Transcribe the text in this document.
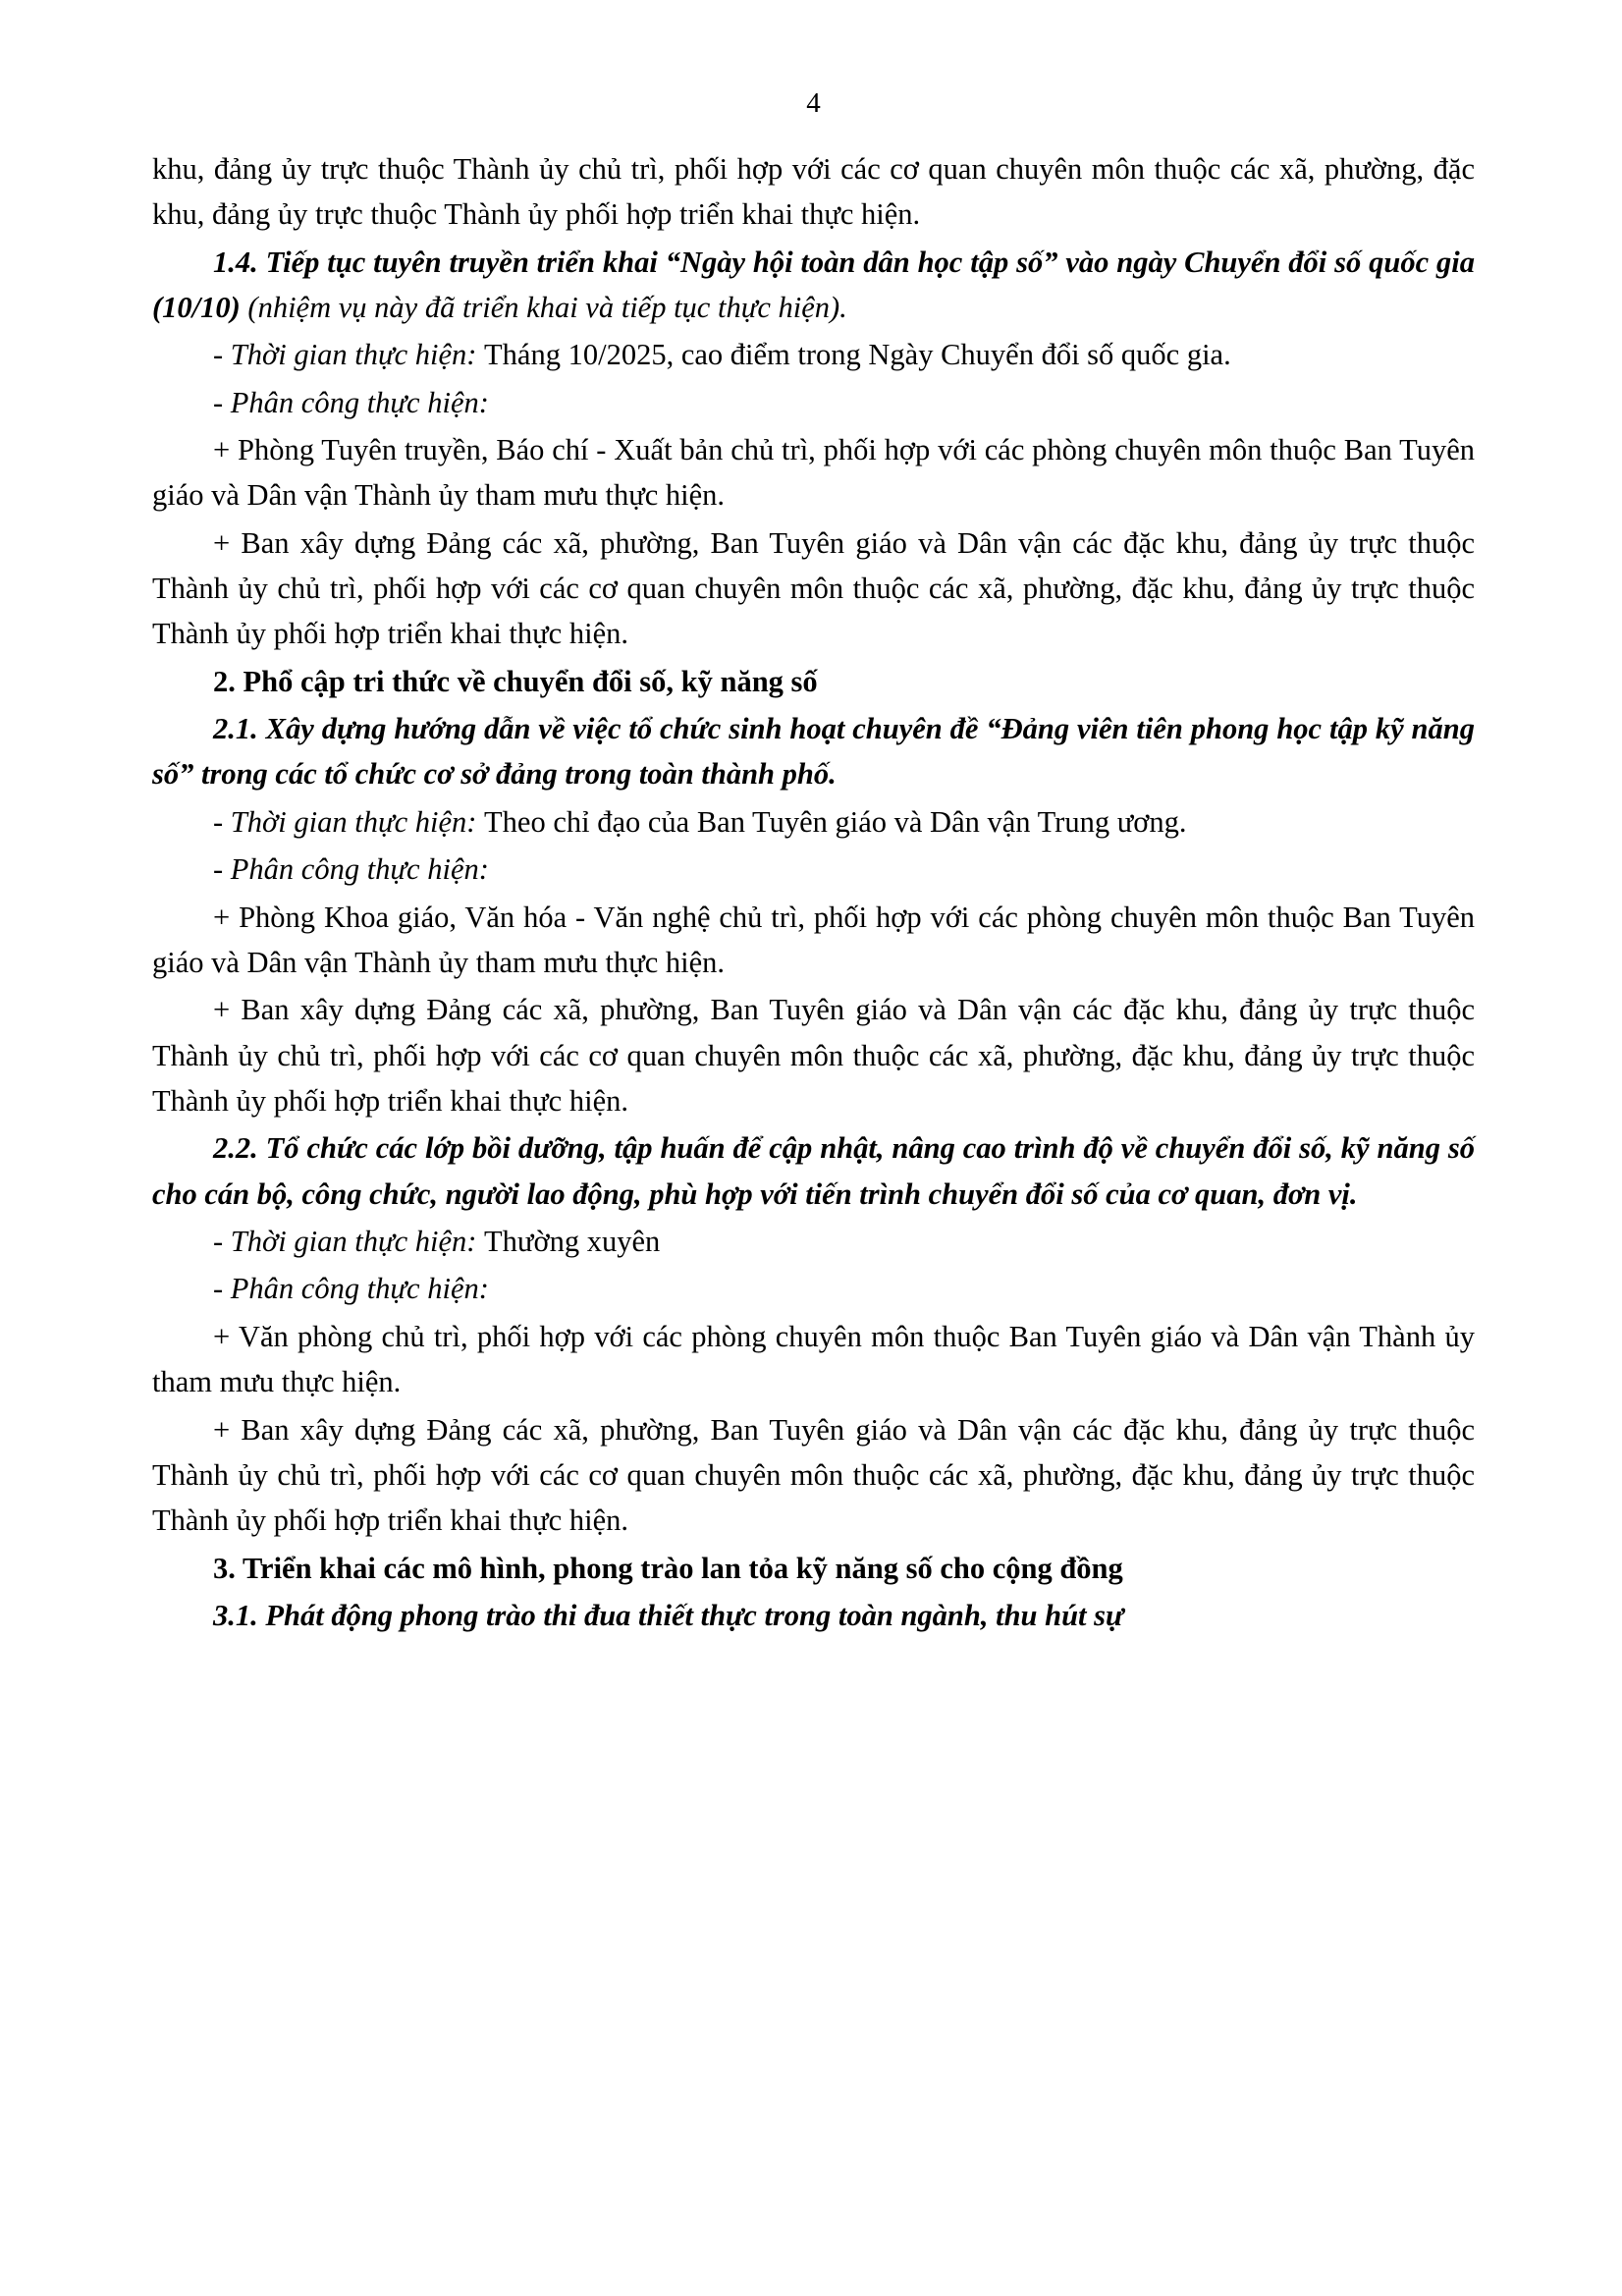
4

khu, đảng ủy trực thuộc Thành ủy chủ trì, phối hợp với các cơ quan chuyên môn thuộc các xã, phường, đặc khu, đảng ủy trực thuộc Thành ủy phối hợp triển khai thực hiện.

1.4. Tiếp tục tuyên truyền triển khai “Ngày hội toàn dân học tập số” vào ngày Chuyển đổi số quốc gia (10/10) (nhiệm vụ này đã triển khai và tiếp tục thực hiện).

- Thời gian thực hiện: Tháng 10/2025, cao điểm trong Ngày Chuyển đổi số quốc gia.

- Phân công thực hiện:

+ Phòng Tuyên truyền, Báo chí - Xuất bản chủ trì, phối hợp với các phòng chuyên môn thuộc Ban Tuyên giáo và Dân vận Thành ủy tham mưu thực hiện.

+ Ban xây dựng Đảng các xã, phường, Ban Tuyên giáo và Dân vận các đặc khu, đảng ủy trực thuộc Thành ủy chủ trì, phối hợp với các cơ quan chuyên môn thuộc các xã, phường, đặc khu, đảng ủy trực thuộc Thành ủy phối hợp triển khai thực hiện.

2. Phổ cập tri thức về chuyển đổi số, kỹ năng số

2.1. Xây dựng hướng dẫn về việc tổ chức sinh hoạt chuyên đề “Đảng viên tiên phong học tập kỹ năng số” trong các tổ chức cơ sở đảng trong toàn thành phố.

- Thời gian thực hiện: Theo chỉ đạo của Ban Tuyên giáo và Dân vận Trung ương.

- Phân công thực hiện:

+ Phòng Khoa giáo, Văn hóa - Văn nghệ chủ trì, phối hợp với các phòng chuyên môn thuộc Ban Tuyên giáo và Dân vận Thành ủy tham mưu thực hiện.

+ Ban xây dựng Đảng các xã, phường, Ban Tuyên giáo và Dân vận các đặc khu, đảng ủy trực thuộc Thành ủy chủ trì, phối hợp với các cơ quan chuyên môn thuộc các xã, phường, đặc khu, đảng ủy trực thuộc Thành ủy phối hợp triển khai thực hiện.

2.2. Tổ chức các lớp bồi dưỡng, tập huấn để cập nhật, nâng cao trình độ về chuyển đổi số, kỹ năng số cho cán bộ, công chức, người lao động, phù hợp với tiến trình chuyển đổi số của cơ quan, đơn vị.

- Thời gian thực hiện: Thường xuyên

- Phân công thực hiện:

+ Văn phòng chủ trì, phối hợp với các phòng chuyên môn thuộc Ban Tuyên giáo và Dân vận Thành ủy tham mưu thực hiện.

+ Ban xây dựng Đảng các xã, phường, Ban Tuyên giáo và Dân vận các đặc khu, đảng ủy trực thuộc Thành ủy chủ trì, phối hợp với các cơ quan chuyên môn thuộc các xã, phường, đặc khu, đảng ủy trực thuộc Thành ủy phối hợp triển khai thực hiện.

3. Triển khai các mô hình, phong trào lan tỏa kỹ năng số cho cộng đồng

3.1. Phát động phong trào thi đua thiết thực trong toàn ngành, thu hút sự
